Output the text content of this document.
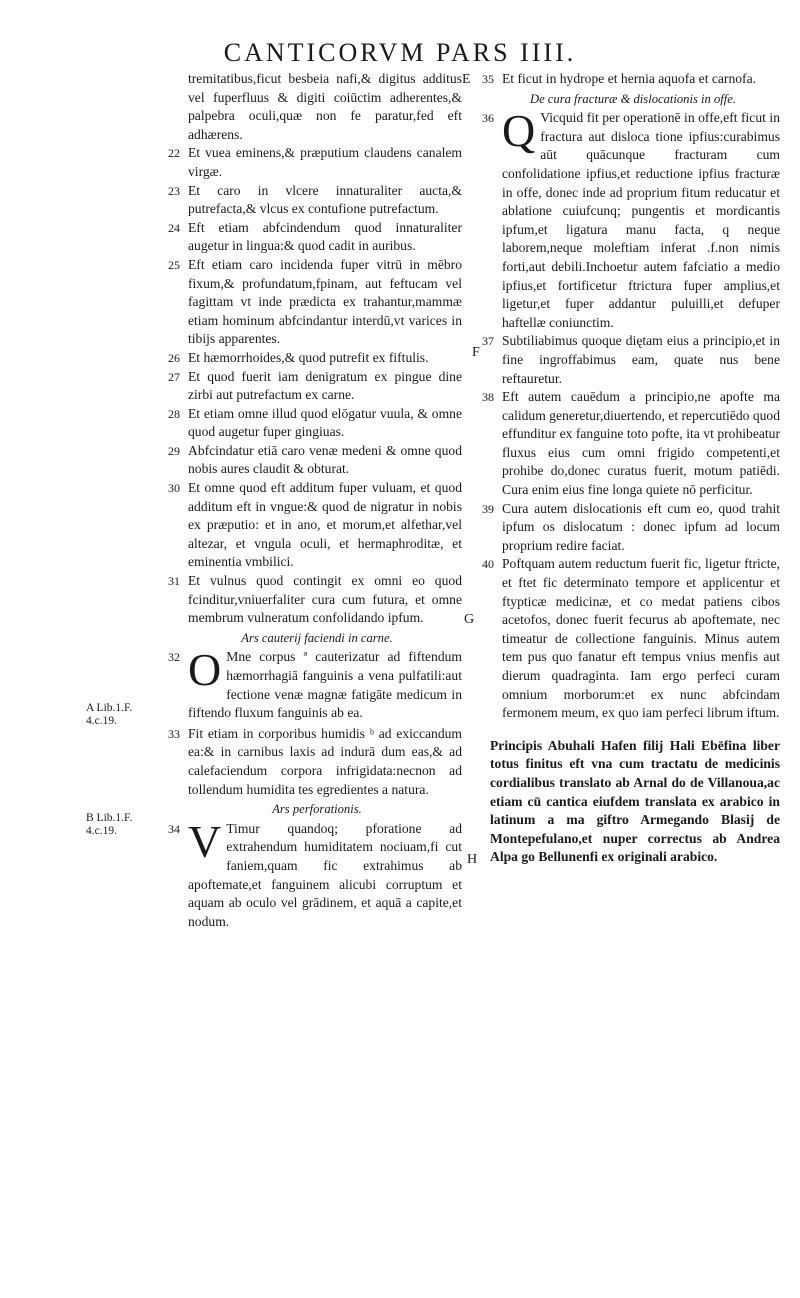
CANTICORVM PARS IIII.
E
F
G
H
A Lib.1.F.
4.c.19.
B Lib.1.F.
4.c.19.
tremitatibus,ficut besbeia nafi,& digitus additus vel fuperfluus & digiti coiūctim adherentes,& palpebra oculi,quæ non fe paratur,fed eft adhærens.
22 Et vuea eminens,& præputium claudens canalem virgæ.
23 Et caro in vlcere innaturaliter aucta,& putrefacta,& vlcus ex contufione putrefactum.
24 Eft etiam abfcindendum quod innaturaliter augetur in lingua:& quod cadit in auribus.
25 Eft etiam caro incidenda fuper vitrū in mēbro fixum,& profundatum,fpinam, aut feftucam vel fagittam vt inde prædicta ex trahantur,mammæ etiam hominum abfcindantur interdū,vt varices in tibijs apparentes.
26 Et hæmorrhoides,& quod putrefit ex fiftulis.
27 Et quod fuerit iam denigratum ex pingue dine zirbi aut putrefactum ex carne.
28 Et etiam omne illud quod elōgatur vuula, & omne quod augetur fuper gingiuas.
29 Abfcindatur etiā caro venæ medeni & omne quod nobis aures claudit & obturat.
30 Et omne quod eft additum fuper vuluam, et quod additum eft in vngue:& quod de nigratur in nobis ex præputio: et in ano, et morum,et alfethar,vel altezar, et vngula oculi, et hermaphroditæ, et eminentia vmbilici.
31 Et vulnus quod contingit ex omni eo quod fcinditur,vniuerfaliter cura cum futura, et omne membrum vulneratum confolidando ipfum.
Ars cauterij faciendi in carne.
32 O Mne corpus ª cauterizatur ad fiftendum hæmorrhagiā fanguinis a vena pulfatili:aut fectione venæ magnæ fatigāte medicum in fiftendo fluxum fanguinis ab ea.
33 Fit etiam in corporibus humidis ᵇ ad exiccandum ea:& in carnibus laxis ad indurā dum eas,& ad calefaciendum corpora infrigidata:necnon ad tollendum humidita tes egredientes a natura.
Ars perforationis.
34 V Timur quandoq; pforatione ad extrahendum humiditatem nociuam,fi cut faniem,quam fic extrahimus ab apoftemate,et fanguinem alicubi corruptum et aquam ab oculo vel grādinem, et aquā a capite,et nodum.
35 Et ficut in hydrope et hernia aquofa et carnofa.
De cura fracturæ & dislocationis in offe.
36 Q Vicquid fit per operationē in offe,eft ficut in fractura aut disloca tione ipfius:curabimus aūt quācunque fracturam cum confolidatione ipfius,et reductione ipfius fracturæ in offe, donec inde ad proprium fitum reducatur et ablatione cuiufcunq; pungentis et mordicantis ipfum,et ligatura manu facta, q neque laborem,neque moleftiam inferat .f.non nimis forti,aut debili.Inchoetur autem fafciatio a medio ipfius,et fortificetur ftrictura fuper amplius,et ligetur,et fuper addantur puluilli,et defuper haftellæ coniunctim.
37 Subtiliabimus quoque diętam eius a principio,et in fine ingroffabimus eam, quate nus bene reftauretur.
38 Eft autem cauēdum a principio,ne apofte ma calidum generetur,diuertendo, et repercutiēdo quod effunditur ex fanguine toto pofte, ita vt prohibeatur fluxus eius cum omni frigido competenti,et prohibe do,donec curatus fuerit, motum patiēdi. Cura enim eius fine longa quiete nō perficitur.
39 Cura autem dislocationis eft cum eo, quod trahit ipfum os dislocatum : donec ipfum ad locum proprium redire faciat.
40 Poftquam autem reductum fuerit fic, ligetur ftricte, et ftet fic determinato tempore et applicentur et ftypticæ medicinæ, et co medat patiens cibos acetofos, donec fuerit fecurus ab apoftemate, nec timeatur de collectione fanguinis. Minus autem tem pus quo fanatur eft tempus vnius menfis aut dierum quadraginta. Iam ergo perfeci curam omnium morborum:et ex nunc abfcindam fermonem meum, ex quo iam perfeci librum iftum.
Principis Abuhali Hafen filij Hali Ebēfina liber totus finitus eft vna cum tractatu de medicinis cordialibus translato ab Arnal do de Villanoua,ac etiam cū cantica eiufdem translata ex arabico in latinum a ma giftro Armegando Blasij de Montepefulano,et nuper correctus ab Andrea Alpa go Bellunenfi ex originali arabico.
